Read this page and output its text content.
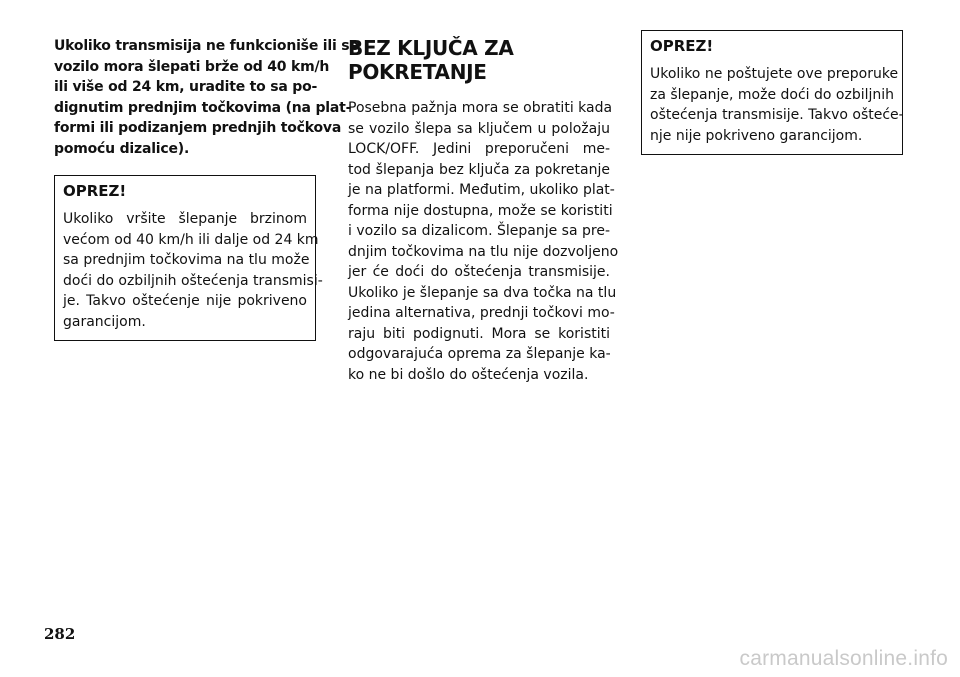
Ukoliko transmisija ne funkcioniše ili se
vozilo mora šlepati brže od 40 km/h
ili više od 24 km, uradite to sa po-
dignutim prednjim točkovima (na plat-
formi ili podizanjem prednjih točkova
pomoću dizalice).

OPREZ!

Ukoliko vršite šlepanje brzinom
većom od 40 km/h ili dalje od 24 km
sa prednjim točkovima na tlu može
doći do ozbiljnih oštećenja transmisi-
je. Takvo oštećenje nije pokriveno
garancijom.

BEZ KLJUČA ZA
POKRETANJE

Posebna pažnja mora se obratiti kada
se vozilo šlepa sa ključem u položaju
LOCK/OFF. Jedini preporučeni me-
tod šlepanja bez ključa za pokretanje
je na platformi. Međutim, ukoliko plat-
forma nije dostupna, može se koristiti
i vozilo sa dizalicom. Šlepanje sa pre-
dnjim točkovima na tlu nije dozvoljeno
jer će doći do oštećenja transmisije.
Ukoliko je šlepanje sa dva točka na tlu
jedina alternativa, prednji točkovi mo-
raju biti podignuti. Mora se koristiti
odgovarajuća oprema za šlepanje ka-
ko ne bi došlo do oštećenja vozila.

OPREZ!

Ukoliko ne poštujete ove preporuke
za šlepanje, može doći do ozbiljnih
oštećenja transmisije. Takvo ošteće-
nje nije pokriveno garancijom.

282
carmanualsonline.info
